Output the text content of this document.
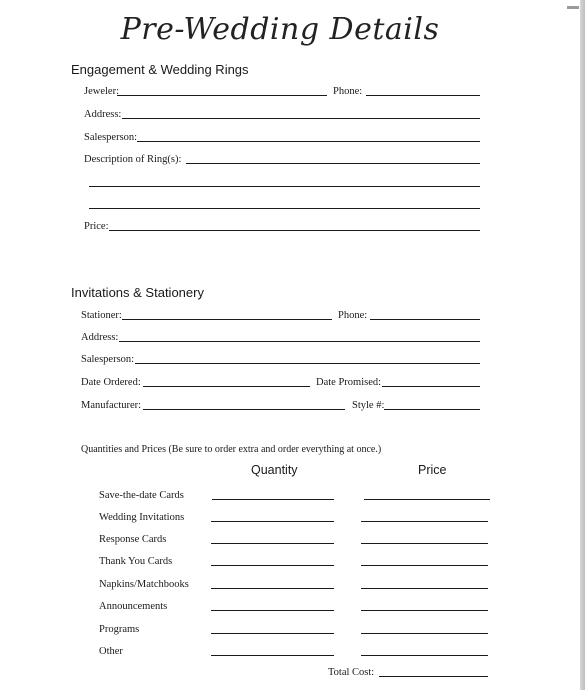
Pre-Wedding Details
Engagement & Wedding Rings
Jeweler:	Phone:
Address:
Salesperson:
Description of Ring(s):
Price:
Invitations & Stationery
Stationer:	Phone:
Address:
Salesperson:
Date Ordered:	Date Promised:
Manufacturer:	Style #:
Quantities and Prices (Be sure to order extra and order everything at once.)
Quantity	Price
Save-the-date Cards
Wedding Invitations
Response Cards
Thank You Cards
Napkins/Matchbooks
Announcements
Programs
Other
Total Cost:
